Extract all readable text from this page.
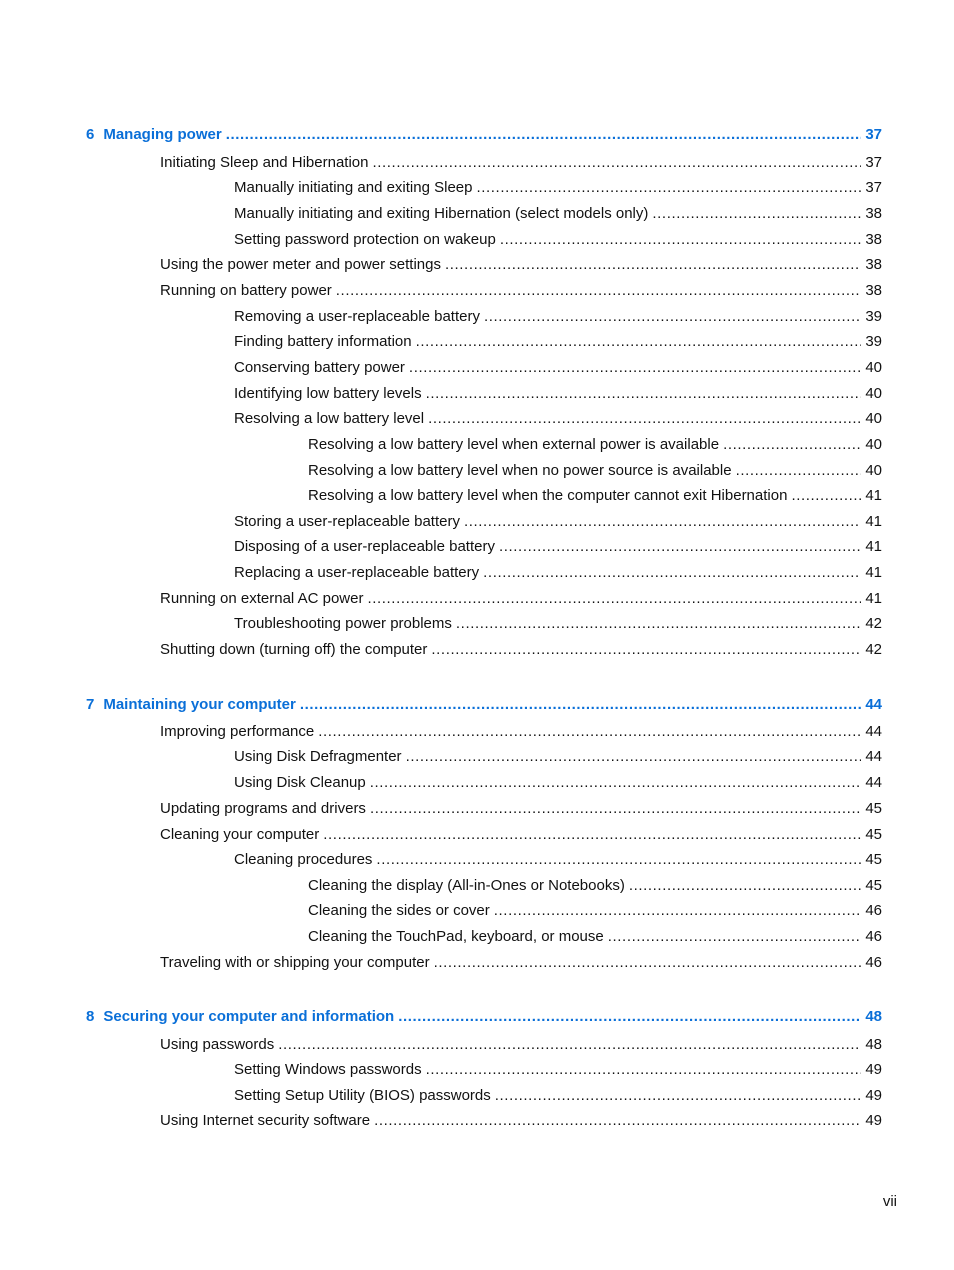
6 Managing power .....	37
Initiating Sleep and Hibernation .....	37
Manually initiating and exiting Sleep .....	37
Manually initiating and exiting Hibernation (select models only) .....	38
Setting password protection on wakeup .....	38
Using the power meter and power settings .....	38
Running on battery power .....	38
Removing a user-replaceable battery .....	39
Finding battery information .....	39
Conserving battery power .....	40
Identifying low battery levels .....	40
Resolving a low battery level .....	40
Resolving a low battery level when external power is available .....	40
Resolving a low battery level when no power source is available .....	40
Resolving a low battery level when the computer cannot exit Hibernation .....	41
Storing a user-replaceable battery .....	41
Disposing of a user-replaceable battery .....	41
Replacing a user-replaceable battery .....	41
Running on external AC power .....	41
Troubleshooting power problems .....	42
Shutting down (turning off) the computer .....	42
7 Maintaining your computer .....	44
Improving performance .....	44
Using Disk Defragmenter .....	44
Using Disk Cleanup .....	44
Updating programs and drivers .....	45
Cleaning your computer .....	45
Cleaning procedures .....	45
Cleaning the display (All-in-Ones or Notebooks) .....	45
Cleaning the sides or cover .....	46
Cleaning the TouchPad, keyboard, or mouse .....	46
Traveling with or shipping your computer .....	46
8 Securing your computer and information .....	48
Using passwords .....	48
Setting Windows passwords .....	49
Setting Setup Utility (BIOS) passwords .....	49
Using Internet security software .....	49
vii
